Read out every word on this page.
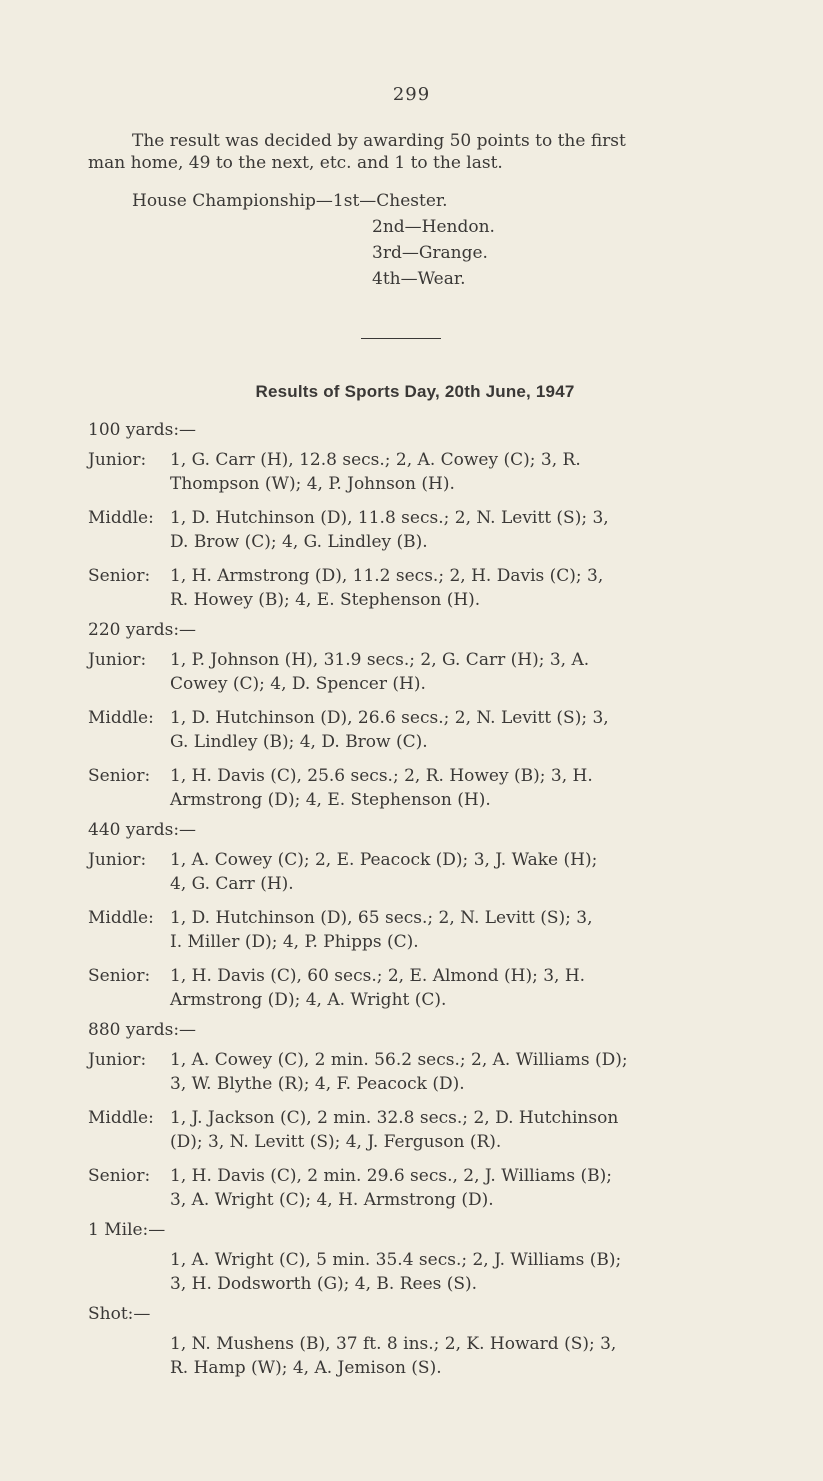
299

The result was decided by awarding 50 points to the first

man home, 49 to the next, etc. and 1 to the last.

House Championship—1st—Chester.

2nd—Hendon.

3rd—Grange.

4th—Wear.

Results of Sports Day, 20th June, 1947

100 yards:—

Junior:	1, G. Carr (H), 12.8 secs.; 2, A. Cowey (C); 3, R.
Thompson (W); 4, P. Johnson (H).
Middle: 1, D. Hutchinson (D), 11.8 secs.; 2, N. Levitt (S); 3,
D. Brow (C); 4, G. Lindley (B).
Senior:	1, H. Armstrong (D), 11.2 secs.; 2, H. Davis (C); 3,
R. Howey (B); 4, E. Stephenson (H).

220 yards:—

Junior:	1, P. Johnson (H), 31.9 secs.; 2, G. Carr (H); 3, A.
Cowey (C); 4, D. Spencer (H).
Middle: 1, D. Hutchinson (D), 26.6 secs.; 2, N. Levitt (S); 3,
G. Lindley (B); 4, D. Brow (C).
Senior:	1, H. Davis (C), 25.6 secs.; 2, R. Howey (B); 3, H.
Armstrong (D); 4, E. Stephenson (H).

440 yards:—

Junior:	1, A. Cowey (C); 2, E. Peacock (D); 3, J. Wake (H);
4, G. Carr (H).
Middle: 1, D. Hutchinson (D), 65 secs.; 2, N. Levitt (S); 3,
I. Miller (D); 4, P. Phipps (C).
Senior:	1, H. Davis (C), 60 secs.; 2, E. Almond (H); 3, H.
Armstrong (D); 4, A. Wright (C).

880 yards:—

Junior:	1, A. Cowey (C), 2 min. 56.2 secs.; 2, A. Williams (D);
3, W. Blythe (R); 4, F. Peacock (D).
Middle: 1, J. Jackson (C), 2 min. 32.8 secs.; 2, D. Hutchinson
(D); 3, N. Levitt (S); 4, J. Ferguson (R).
Senior:	1, H. Davis (C), 2 min. 29.6 secs., 2, J. Williams (B);
3, A. Wright (C); 4, H. Armstrong (D).

1 Mile:—

1, A. Wright (C), 5 min. 35.4 secs.; 2, J. Williams (B);
3, H. Dodsworth (G); 4, B. Rees (S).

Shot:—

1, N. Mushens (B), 37 ft. 8 ins.; 2, K. Howard (S); 3,
R. Hamp (W); 4, A. Jemison (S).
